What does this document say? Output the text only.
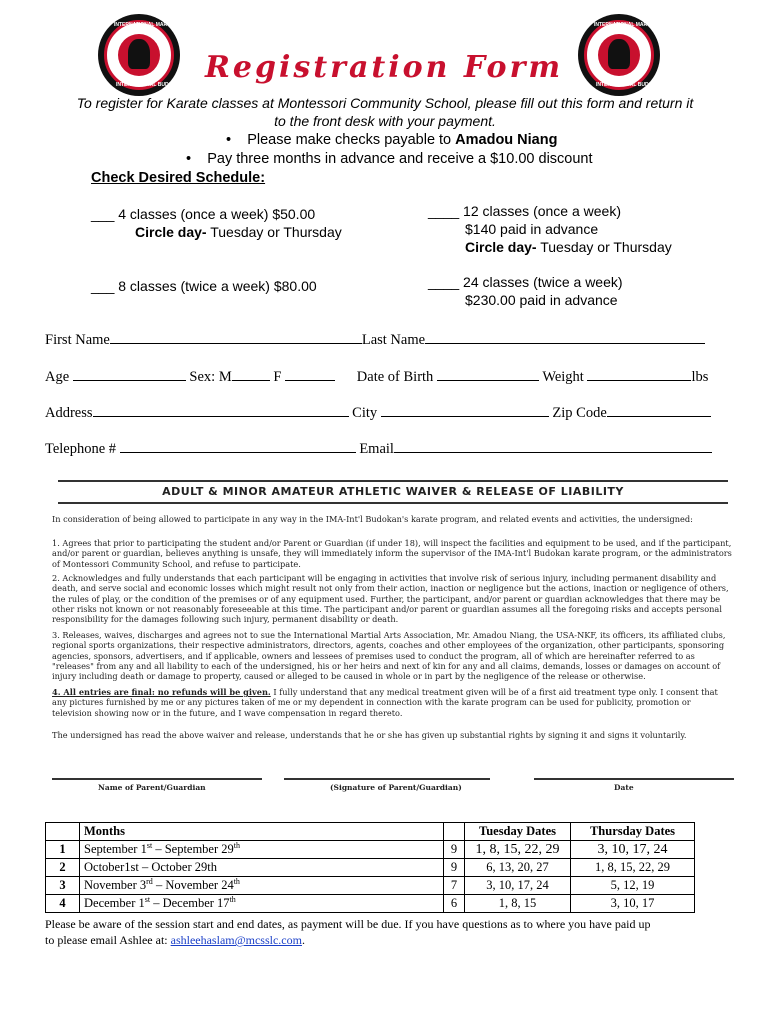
INTERNATIONAL MARTIAL ARTS ASSOCIATION
INTERNATIONAL BUDOKAN
INTERNATIONAL MARTIAL ARTS ASSOCIATION
INTERNATIONAL BUDOKAN
Registration Form
To register for Karate classes at Montessori Community School, please fill out this form and return it
to the front desk with your payment.
• Please make checks payable to Amadou Niang
• Pay three months in advance and receive a $10.00 discount
Check Desired Schedule:
___ 4 classes (once a week) $50.00
Circle day- Tuesday or Thursday
____ 12 classes (once a week)
$140 paid in advance
Circle day- Tuesday or Thursday
___ 8 classes (twice a week) $80.00	____ 24 classes (twice a week)
$230.00 paid in advance
First Name	Last Name
Age	Sex: M	F	Date of Birth	Weight	lbs
Address	City	Zip Code
Telephone #	Email
ADULT & MINOR AMATEUR ATHLETIC WAIVER & RELEASE OF LIABILITY

In consideration of being allowed to participate in any way in the IMA-Int'l Budokan's karate program, and related events and activities, the undersigned:

1. Agrees that prior to participating the student and/or Parent or Guardian (if under 18), will inspect the facilities and equipment to be used, and if the participant, and/or parent or guardian, believes anything is unsafe, they will immediately inform the supervisor of the IMA-Int'l Budokan karate program, or the administrators of Montessori Community School, and refuse to participate.

2. Acknowledges and fully understands that each participant will be engaging in activities that involve risk of serious injury, including permanent disability and death, and serve social and economic losses which might result not only from their action, inaction or negligence but the actions, inaction or negligence of others, the rules of play, or the condition of the premises or of any equipment used. Further, the participant, and/or parent or guardian acknowledges that there may be other risks not known or not reasonably foreseeable at this time. The participant and/or parent or guardian assumes all the foregoing risks and accepts personal responsibility for the damages following such injury, permanent disability or death.

3. Releases, waives, discharges and agrees not to sue the International Martial Arts Association, Mr. Amadou Niang, the USA-NKF, its officers, its affiliated clubs, regional sports organizations, their respective administrators, directors, agents, coaches and other employees of the organization, other participants, sponsoring agencies, sponsors, advertisers, and if applicable, owners and lessees of premises used to conduct the program, all of which are hereinafter referred to as "releases" from any and all liability to each of the undersigned, his or her heirs and next of kin for any and all claims, demands, losses or damages on account of injury including death or damage to property, caused or alleged to be caused in whole or in part by the negligence of the release or otherwise.

4. All entries are final: no refunds will be given. I fully understand that any medical treatment given will be of a first aid treatment type only. I consent that any pictures furnished by me or any pictures taken of me or my dependent in connection with the karate program can be used for publicity, promotion or television showing now or in the future, and I wave compensation in regard thereto.

The undersigned has read the above waiver and release, understands that he or she has given up substantial rights by signing it and signs it voluntarily.

Name of Parent/Guardian	(Signature of Parent/Guardian)	Date
	Months		Tuesday Dates	Thursday Dates
1	September 1st – September 29th	9	1, 8, 15, 22, 29	3, 10, 17, 24
2	October1st – October 29th	9	6, 13, 20, 27	1, 8, 15, 22, 29
3	November 3rd – November 24th	7	3, 10, 17, 24	5, 12, 19
4	December 1st – December 17th	6	1, 8, 15	3, 10, 17
Please be aware of the session start and end dates, as payment will be due. If you have questions as to where you have paid up
to please email Ashlee at: ashleehaslam@mcsslc.com.
